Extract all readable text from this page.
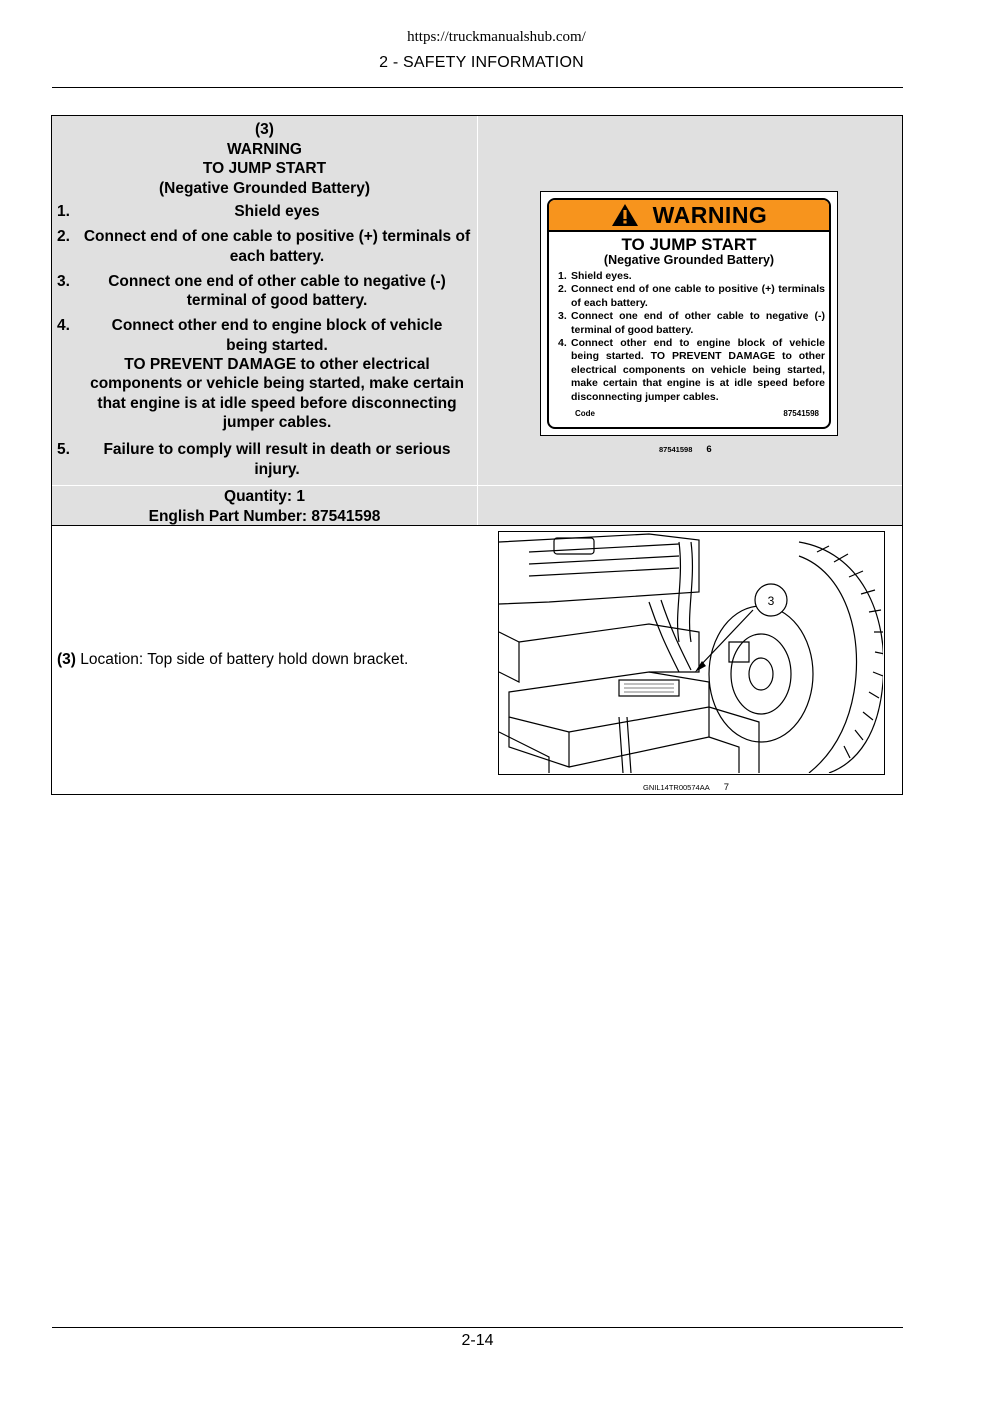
https://truckmanualshub.com/
2 - SAFETY INFORMATION
(3)
WARNING
TO JUMP START
(Negative Grounded Battery)
1.	Shield eyes
2. Connect end of one cable to positive (+) terminals of each battery.
3.	Connect one end of other cable to negative (-) terminal of good battery.
4.	Connect other end to engine block of vehicle being started.
TO PREVENT DAMAGE to other electrical components or vehicle being started, make certain that engine is at idle speed before disconnecting jumper cables.
5.	Failure to comply will result in death or serious injury.
WARNING
TO JUMP START
(Negative Grounded Battery)
1. Shield eyes.
2. Connect end of one cable to positive (+) terminals of each battery.
3. Connect one end of other cable to negative (-) terminal of good battery.
4. Connect other end to engine block of vehicle being started. TO PREVENT DAMAGE to other electrical components on vehicle being started, make certain that engine is at idle speed before disconnecting jumper cables.
Code	87541598
87541598 6
Quantity: 1
English Part Number: 87541598
(3) Location: Top side of battery hold down bracket.
3
GNIL14TR00574AA 7
2-14
